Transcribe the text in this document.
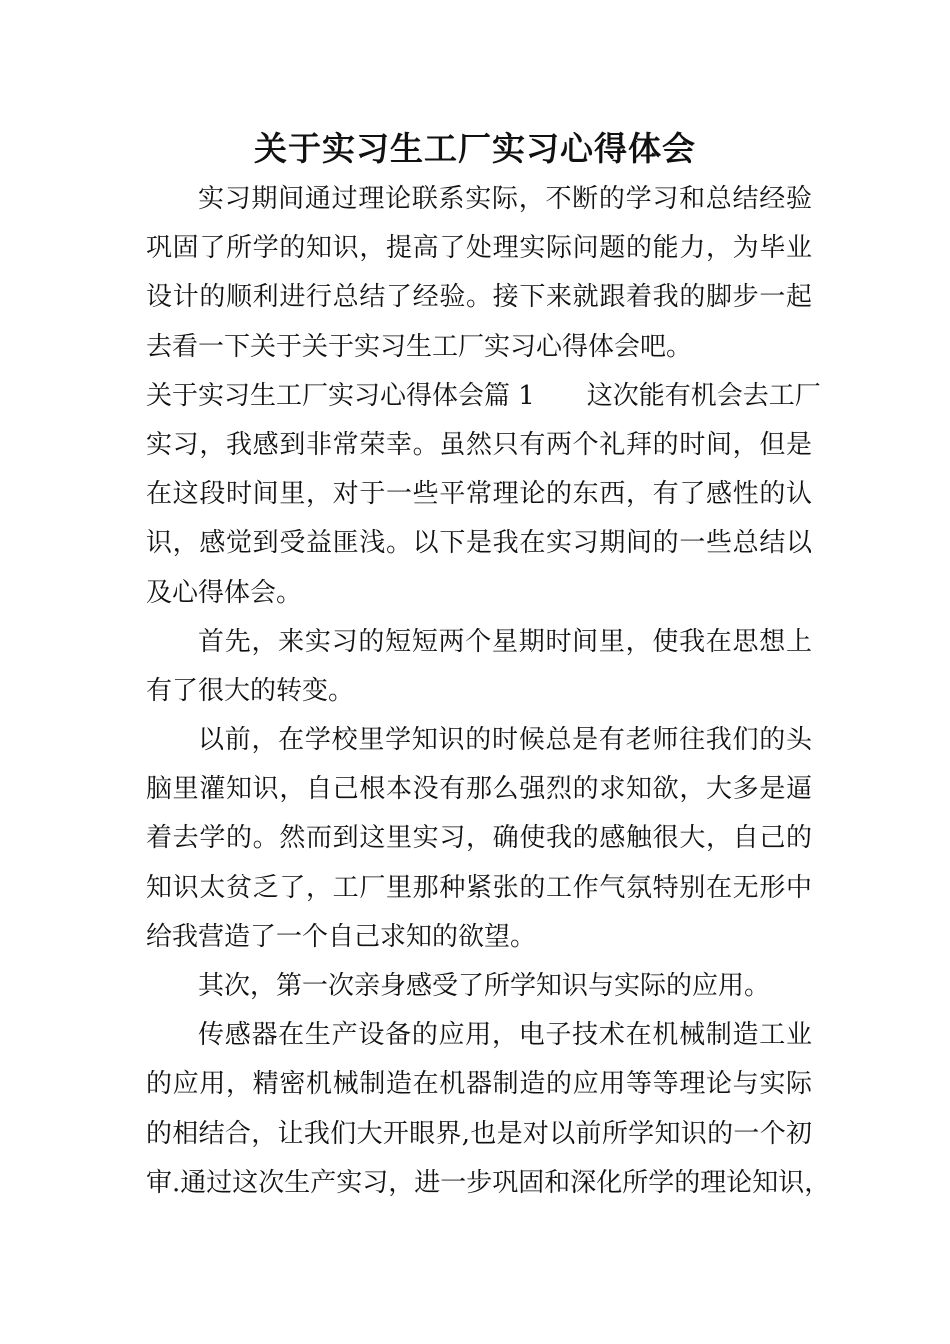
关于实习生工厂实习心得体会
实习期间通过理论联系实际，不断的学习和总结经验
巩固了所学的知识，提高了处理实际问题的能力，为毕业
设计的顺利进行总结了经验。接下来就跟着我的脚步一起
去看一下关于关于实习生工厂实习心得体会吧。
关于实习生工厂实习心得体会篇 1　　这次能有机会去工厂
实习，我感到非常荣幸。虽然只有两个礼拜的时间，但是
在这段时间里，对于一些平常理论的东西，有了感性的认
识，感觉到受益匪浅。以下是我在实习期间的一些总结以
及心得体会。
首先，来实习的短短两个星期时间里，使我在思想上
有了很大的转变。
以前，在学校里学知识的时候总是有老师往我们的头
脑里灌知识，自己根本没有那么强烈的求知欲，大多是逼
着去学的。然而到这里实习，确使我的感触很大，自己的
知识太贫乏了，工厂里那种紧张的工作气氛特别在无形中
给我营造了一个自己求知的欲望。
其次，第一次亲身感受了所学知识与实际的应用。
传感器在生产设备的应用，电子技术在机械制造工业
的应用，精密机械制造在机器制造的应用等等理论与实际
的相结合，让我们大开眼界,也是对以前所学知识的一个初
审.通过这次生产实习，进一步巩固和深化所学的理论知识，
